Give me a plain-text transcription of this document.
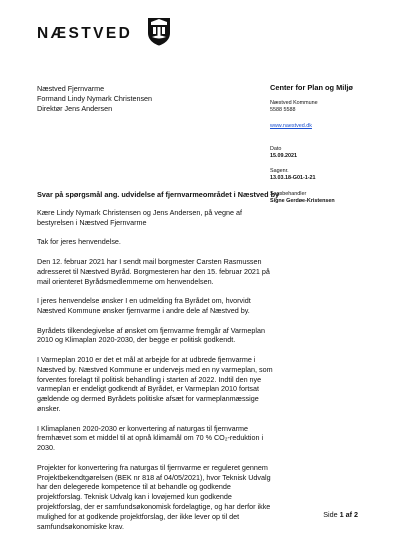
NÆSTVED
Næstved Fjernvarme
Formand Lindy Nymark Christensen
Direktør Jens Andersen
Center for Plan og Miljø
Næstved Kommune
5588 5588
www.naestved.dk
Dato
15.09.2021
Sagenr.
13.03.18-G01-1-21
Sagsbehandler
Signe Gerdøe-Kristensen
Svar på spørgsmål ang. udvidelse af fjernvarmeområdet i Næstved by

Kære Lindy Nymark Christensen og Jens Andersen, på vegne af
bestyrelsen i Næstved Fjernvarme

Tak for jeres henvendelse.

Den 12. februar 2021 har I sendt mail borgmester Carsten Rasmussen
adresseret til Næstved Byråd. Borgmesteren har den 15. februar 2021 på
mail orienteret Byrådsmedlemmerne om henvendelsen.

I jeres henvendelse ønsker I en udmelding fra Byrådet om, hvorvidt
Næstved Kommune ønsker fjernvarme i andre dele af Næstved by.

Byrådets tilkendegivelse af ønsket om fjernvarme fremgår af Varmeplan
2010 og Klimaplan 2020-2030, der begge er politisk godkendt.

I Varmeplan 2010 er det et mål at arbejde for at udbrede fjernvarme i
Næstved by. Næstved Kommune er undervejs med en ny varmeplan, som
forventes forelagt til politisk behandling i starten af 2022. Indtil den nye
varmeplan er endeligt godkendt af Byrådet, er Varmeplan 2010 fortsat
gældende og dermed Byrådets politiske afsæt for varmeplanmæssige
ønsker.

I Klimaplanen 2020-2030 er konvertering af naturgas til fjernvarme
fremhævet som et middel til at opnå klimamål om 70 % CO₂-reduktion i
2030.

Projekter for konvertering fra naturgas til fjernvarme er reguleret gennem
Projektbekendtgørelsen (BEK nr 818 af 04/05/2021), hvor Teknisk Udvalg
har den delegerede kompetence til at behandle og godkende
projektforslag. Teknisk Udvalg kan i lovøjemed kun godkende
projektforslag, der er samfundsøkonomisk fordelagtige, og har derfor ikke
mulighed for at godkende projektforslag, der ikke lever op til det
samfundsøkonomiske krav.

Side 1 af 2
